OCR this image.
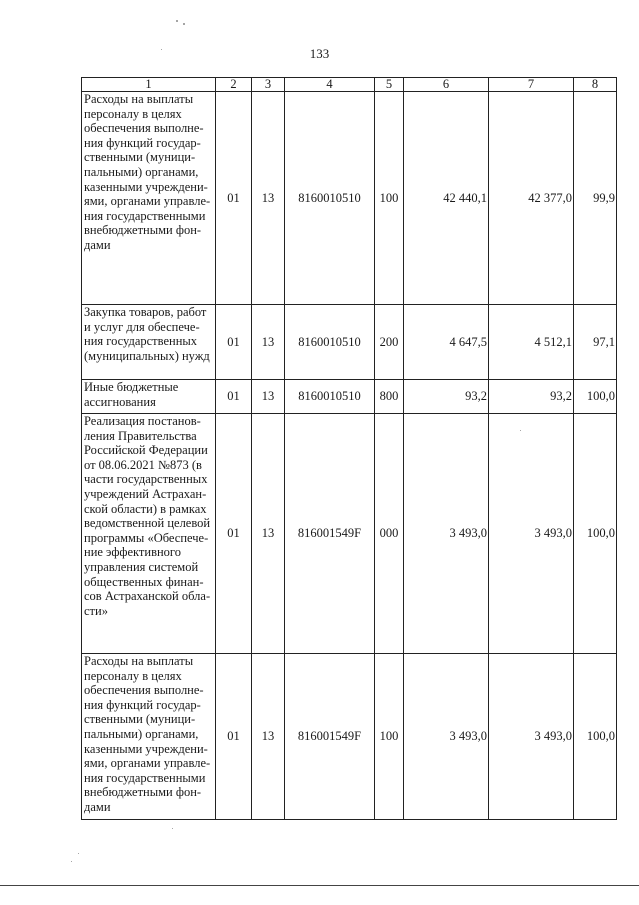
133
1	2	3	4	5	6	7	8
Расходы на выплаты персоналу в целях обеспечения выполне-ния функций государ-ственными (муници-пальными) органами, казенными учреждени-ями, органами управле-ния государственными внебюджетными фон-дами	01	13	8160010510	100	42 440,1	42 377,0	99,9
Закупка товаров, работ и услуг для обеспече-ния государственных (муниципальных) нужд	01	13	8160010510	200	4 647,5	4 512,1	97,1
Иные бюджетные ассигнования	01	13	8160010510	800	93,2	93,2	100,0
Реализация постанов-ления Правительства Российской Федерации от 08.06.2021 №873 (в части государственных учреждений Астрахан-ской области) в рамках ведомственной целевой программы «Обеспече-ние эффективного управления системой общественных финан-сов Астраханской обла-сти»	01	13	816001549F	000	3 493,0	3 493,0	100,0
Расходы на выплаты персоналу в целях обеспечения выполне-ния функций государ-ственными (муници-пальными) органами, казенными учреждени-ями, органами управле-ния государственными внебюджетными фон-дами	01	13	816001549F	100	3 493,0	3 493,0	100,0
